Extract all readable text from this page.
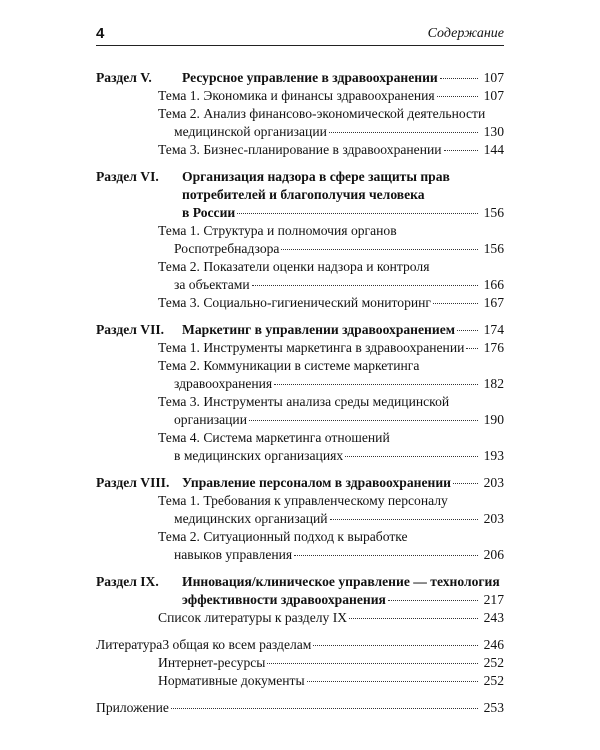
4	Содержание
Раздел V.	Ресурсное управление в здравоохранении	107
Тема 1. Экономика и финансы здравоохранения	107
Тема 2. Анализ финансово-экономической деятельности
медицинской организации	130
Тема 3. Бизнес-планирование в здравоохранении	144
Раздел VI.	Организация надзора в сфере защиты прав
потребителей и благополучия человека
в России	156
Тема 1. Структура и полномочия органов
Роспотребнадзора	156
Тема 2. Показатели оценки надзора и контроля
за объектами	166
Тема 3. Социально-гигиенический мониторинг	167
Раздел VII.	Маркетинг в управлении здравоохранением 174
Тема 1. Инструменты маркетинга в здравоохранении 176
Тема 2. Коммуникации в системе маркетинга
здравоохранения	182
Тема 3. Инструменты анализа среды медицинской
организации	190
Тема 4. Система маркетинга отношений
в медицинских организациях	193
Раздел VIII. Управление персоналом в здравоохранении 203
Тема 1. Требования к управленческому персоналу
медицинских организаций	203
Тема 2. Ситуационный подход к выработке
навыков управления	206
Раздел IX.	Инновация/клиническое управление — технология
эффективности здравоохранения	217
Список литературы к разделу IX	243
Литература3 общая ко всем разделам	246
Интернет-ресурсы	252
Нормативные документы	252
Приложение	253
